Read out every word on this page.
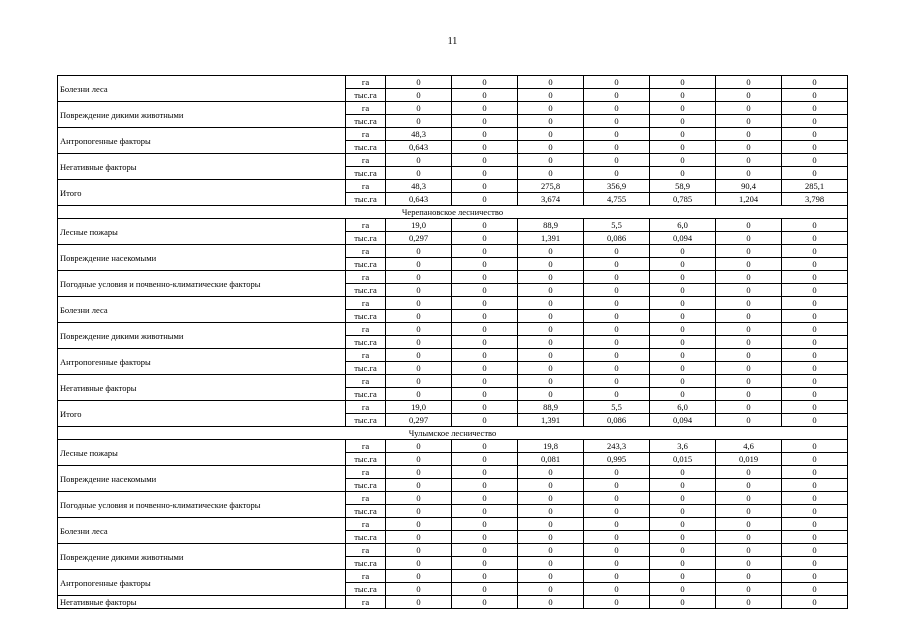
11
Болезни леса	га	0	0	0	0	0	0	0
	тыс.га	0	0	0	0	0	0	0
Повреждение дикими животными	га	0	0	0	0	0	0	0
	тыс.га	0	0	0	0	0	0	0
Антропогенные факторы	га	48,3	0	0	0	0	0	0
	тыс.га	0,643	0	0	0	0	0	0
Негативные факторы	га	0	0	0	0	0	0	0
	тыс.га	0	0	0	0	0	0	0
Итого	га	48,3	0	275,8	356,9	58,9	90,4	285,1
	тыс.га	0,643	0	3,674	4,755	0,785	1,204	3,798
Черепановское лесничество								
Лесные пожары	га	19,0	0	88,9	5,5	6,0	0	0
	тыс.га	0,297	0	1,391	0,086	0,094	0	0
Повреждение насекомыми	га	0	0	0	0	0	0	0
	тыс.га	0	0	0	0	0	0	0
Погодные условия и почвенно-климатические факторы	га	0	0	0	0	0	0	0
	тыс.га	0	0	0	0	0	0	0
Болезни леса	га	0	0	0	0	0	0	0
	тыс.га	0	0	0	0	0	0	0
Повреждение дикими животными	га	0	0	0	0	0	0	0
	тыс.га	0	0	0	0	0	0	0
Антропогенные факторы	га	0	0	0	0	0	0	0
	тыс.га	0	0	0	0	0	0	0
Негативные факторы	га	0	0	0	0	0	0	0
	тыс.га	0	0	0	0	0	0	0
Итого	га	19,0	0	88,9	5,5	6,0	0	0
	тыс.га	0,297	0	1,391	0,086	0,094	0	0
Чулымское лесничество								
Лесные пожары	га	0	0	19,8	243,3	3,6	4,6	0
	тыс.га	0	0	0,081	0,995	0,015	0,019	0
Повреждение насекомыми	га	0	0	0	0	0	0	0
	тыс.га	0	0	0	0	0	0	0
Погодные условия и почвенно-климатические факторы	га	0	0	0	0	0	0	0
	тыс.га	0	0	0	0	0	0	0
Болезни леса	га	0	0	0	0	0	0	0
	тыс.га	0	0	0	0	0	0	0
Повреждение дикими животными	га	0	0	0	0	0	0	0
	тыс.га	0	0	0	0	0	0	0
Антропогенные факторы	га	0	0	0	0	0	0	0
	тыс.га	0	0	0	0	0	0	0
Негативные факторы	га	0	0	0	0	0	0	0
